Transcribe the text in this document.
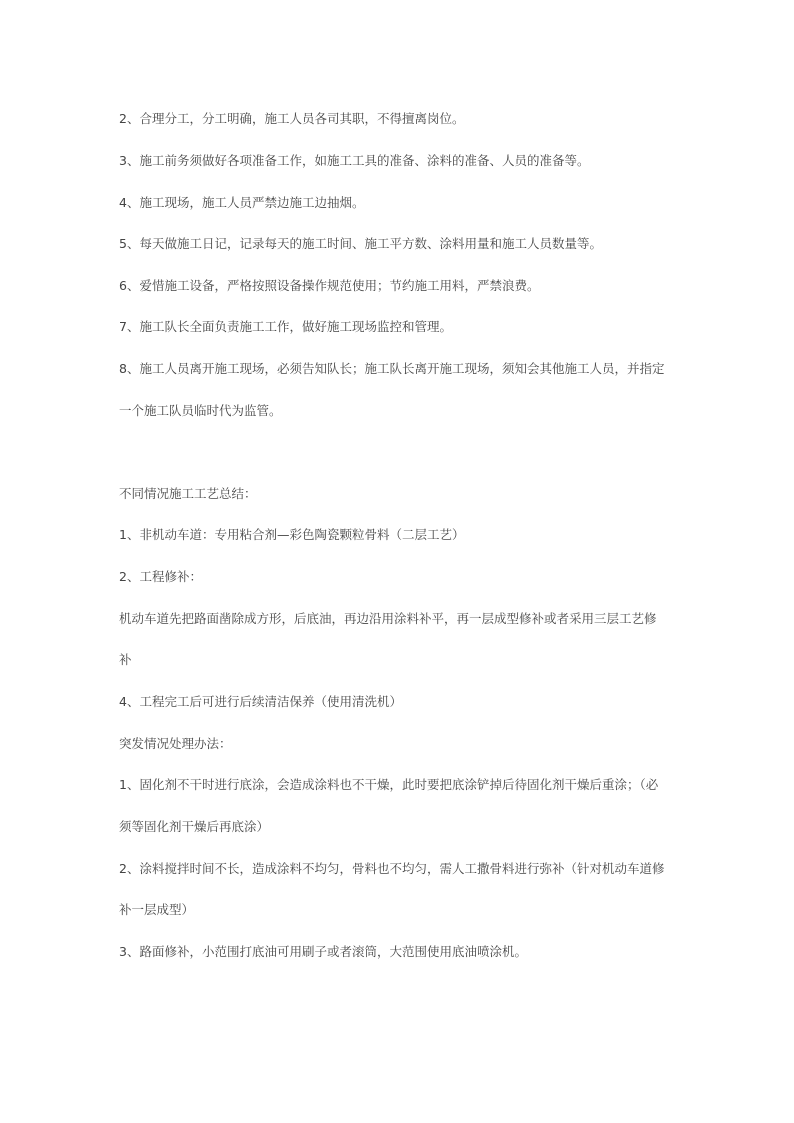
2、合理分工，分工明确，施工人员各司其职，不得擅离岗位。
3、施工前务须做好各项准备工作，如施工工具的准备、涂料的准备、人员的准备等。
4、施工现场，施工人员严禁边施工边抽烟。
5、每天做施工日记，记录每天的施工时间、施工平方数、涂料用量和施工人员数量等。
6、爱惜施工设备，严格按照设备操作规范使用；节约施工用料，严禁浪费。
7、施工队长全面负责施工工作，做好施工现场监控和管理。
8、施工人员离开施工现场，必须告知队长；施工队长离开施工现场，须知会其他施工人员，并指定
一个施工队员临时代为监管。
不同情况施工工艺总结：
1、非机动车道：专用粘合剂—彩色陶瓷颗粒骨料（二层工艺）
2、工程修补：
机动车道先把路面凿除成方形，后底油，再边沿用涂料补平，再一层成型修补或者采用三层工艺修
补
4、工程完工后可进行后续清洁保养（使用清洗机）
突发情况处理办法：
1、固化剂不干时进行底涂，会造成涂料也不干燥，此时要把底涂铲掉后待固化剂干燥后重涂；（必
须等固化剂干燥后再底涂）
2、涂料搅拌时间不长，造成涂料不均匀，骨料也不均匀，需人工撒骨料进行弥补（针对机动车道修
补一层成型）
3、路面修补，小范围打底油可用刷子或者滚筒，大范围使用底油喷涂机。
